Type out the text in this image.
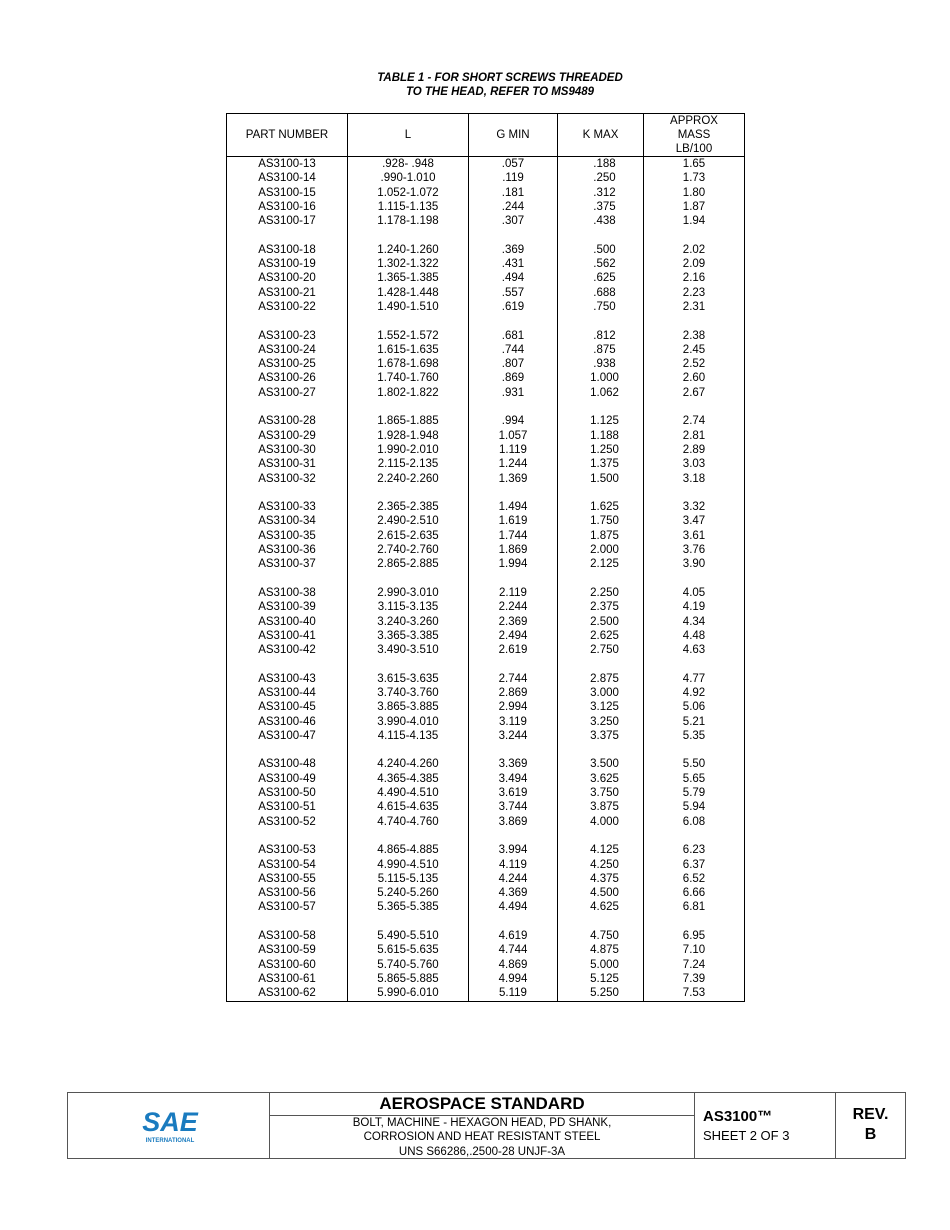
TABLE 1 - FOR SHORT SCREWS THREADED
TO THE HEAD, REFER TO MS9489
PART NUMBER	L	G MIN	K MAX	APPROX
MASS
LB/100

AS3100-13	.928- .948	.057	.188	1.65
AS3100-14	.990-1.010	.119	.250	1.73
AS3100-15	1.052-1.072	.181	.312	1.80
AS3100-16	1.115-1.135	.244	.375	1.87
AS3100-17	1.178-1.198	.307	.438	1.94

AS3100-18	1.240-1.260	.369	.500	2.02
AS3100-19	1.302-1.322	.431	.562	2.09
AS3100-20	1.365-1.385	.494	.625	2.16
AS3100-21	1.428-1.448	.557	.688	2.23
AS3100-22	1.490-1.510	.619	.750	2.31

AS3100-23	1.552-1.572	.681	.812	2.38
AS3100-24	1.615-1.635	.744	.875	2.45
AS3100-25	1.678-1.698	.807	.938	2.52
AS3100-26	1.740-1.760	.869	1.000	2.60
AS3100-27	1.802-1.822	.931	1.062	2.67

AS3100-28	1.865-1.885	.994	1.125	2.74
AS3100-29	1.928-1.948	1.057	1.188	2.81
AS3100-30	1.990-2.010	1.119	1.250	2.89
AS3100-31	2.115-2.135	1.244	1.375	3.03
AS3100-32	2.240-2.260	1.369	1.500	3.18

AS3100-33	2.365-2.385	1.494	1.625	3.32
AS3100-34	2.490-2.510	1.619	1.750	3.47
AS3100-35	2.615-2.635	1.744	1.875	3.61
AS3100-36	2.740-2.760	1.869	2.000	3.76
AS3100-37	2.865-2.885	1.994	2.125	3.90

AS3100-38	2.990-3.010	2.119	2.250	4.05
AS3100-39	3.115-3.135	2.244	2.375	4.19
AS3100-40	3.240-3.260	2.369	2.500	4.34
AS3100-41	3.365-3.385	2.494	2.625	4.48
AS3100-42	3.490-3.510	2.619	2.750	4.63

AS3100-43	3.615-3.635	2.744	2.875	4.77
AS3100-44	3.740-3.760	2.869	3.000	4.92
AS3100-45	3.865-3.885	2.994	3.125	5.06
AS3100-46	3.990-4.010	3.119	3.250	5.21
AS3100-47	4.115-4.135	3.244	3.375	5.35

AS3100-48	4.240-4.260	3.369	3.500	5.50
AS3100-49	4.365-4.385	3.494	3.625	5.65
AS3100-50	4.490-4.510	3.619	3.750	5.79
AS3100-51	4.615-4.635	3.744	3.875	5.94
AS3100-52	4.740-4.760	3.869	4.000	6.08

AS3100-53	4.865-4.885	3.994	4.125	6.23
AS3100-54	4.990-4.510	4.119	4.250	6.37
AS3100-55	5.115-5.135	4.244	4.375	6.52
AS3100-56	5.240-5.260	4.369	4.500	6.66
AS3100-57	5.365-5.385	4.494	4.625	6.81

AS3100-58	5.490-5.510	4.619	4.750	6.95
AS3100-59	5.615-5.635	4.744	4.875	7.10
AS3100-60	5.740-5.760	4.869	5.000	7.24
AS3100-61	5.865-5.885	4.994	5.125	7.39
AS3100-62	5.990-6.010	5.119	5.250	7.53
SAE
INTERNATIONAL
AEROSPACE STANDARD
BOLT, MACHINE - HEXAGON HEAD, PD SHANK,
CORROSION AND HEAT RESISTANT STEEL
UNS S66286,.2500-28 UNJF-3A
AS3100™
SHEET 2 OF 3
REV.
B
